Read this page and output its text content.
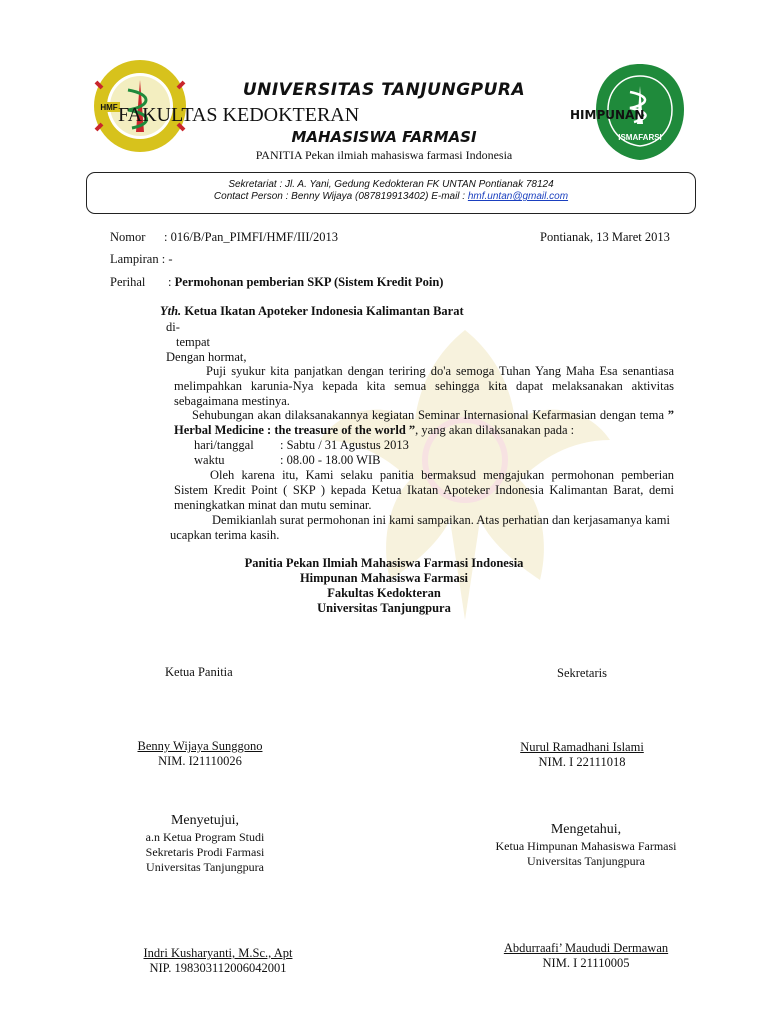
HMF
ISMAFARSI
UNIVERSITAS TANJUNGPURA
FAKULTAS KEDOKTERAN	HIMPUNAN
MAHASISWA FARMASI
PANITIA Pekan ilmiah mahasiswa farmasi Indonesia
Sekretariat : Jl. A. Yani, Gedung Kedokteran FK UNTAN Pontianak 78124
Contact Person : Benny Wijaya (087819913402) E-mail : hmf.untan@gmail.com
Nomor : 016/B/Pan_PIMFI/HMF/III/2013	Pontianak, 13 Maret 2013
Lampiran : -
Perihal : Permohonan pemberian SKP (Sistem Kredit Poin)
Yth. Ketua Ikatan Apoteker Indonesia Kalimantan Barat
di-
tempat
Dengan hormat,
Puji syukur kita panjatkan dengan teriring do'a semoga Tuhan Yang Maha Esa senantiasa melimpahkan karunia-Nya kepada kita semua sehingga kita dapat melaksanakan aktivitas sebagaimana mestinya.
Sehubungan akan dilaksanakannya kegiatan Seminar Internasional Kefarmasian dengan tema ” Herbal Medicine : the treasure of the world ”, yang akan dilaksanakan pada :
hari/tanggal : Sabtu / 31 Agustus 2013
waktu	: 08.00 - 18.00 WIB
Oleh karena itu, Kami selaku panitia bermaksud mengajukan permohonan pemberian Sistem Kredit Point ( SKP ) kepada Ketua Ikatan Apoteker Indonesia Kalimantan Barat, demi meningkatkan minat dan mutu seminar.
Demikianlah surat permohonan ini kami sampaikan. Atas perhatian dan kerjasamanya kami ucapkan terima kasih.
Panitia Pekan Ilmiah Mahasiswa Farmasi Indonesia
Himpunan Mahasiswa Farmasi
Fakultas Kedokteran
Universitas Tanjungpura
Ketua Panitia	Sekretaris
Benny Wijaya Sunggono
NIM. I21110026
Nurul Ramadhani Islami
NIM. I 22111018
Menyetujui,
a.n Ketua Program Studi
Sekretaris Prodi Farmasi
Universitas Tanjungpura
Mengetahui,
Ketua Himpunan Mahasiswa Farmasi
Universitas Tanjungpura
Indri Kusharyanti, M.Sc., Apt
NIP. 198303112006042001
Abdurraafi’ Maududi Dermawan
NIM. I 21110005
